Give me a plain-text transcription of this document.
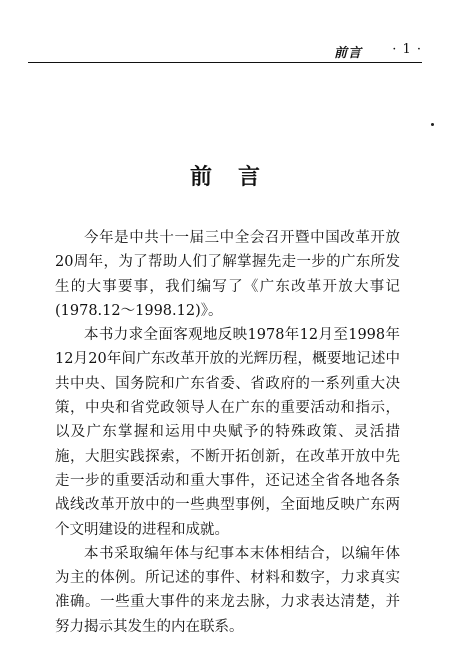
前言 · 1 ·
前言

今年是中共十一届三中全会召开暨中国改革开放20周年，为了帮助人们了解掌握先走一步的广东所发生的大事要事，我们编写了《广东改革开放大事记(1978.12～1998.12)》。

本书力求全面客观地反映1978年12月至1998年12月20年间广东改革开放的光辉历程，概要地记述中共中央、国务院和广东省委、省政府的一系列重大决策，中央和省党政领导人在广东的重要活动和指示，以及广东掌握和运用中央赋予的特殊政策、灵活措施，大胆实践探索，不断开拓创新，在改革开放中先走一步的重要活动和重大事件，还记述全省各地各条战线改革开放中的一些典型事例，全面地反映广东两个文明建设的进程和成就。

本书采取编年体与纪事本末体相结合，以编年体为主的体例。所记述的事件、材料和数字，力求真实准确。一些重大事件的来龙去脉，力求表达清楚，并努力揭示其发生的内在联系。
